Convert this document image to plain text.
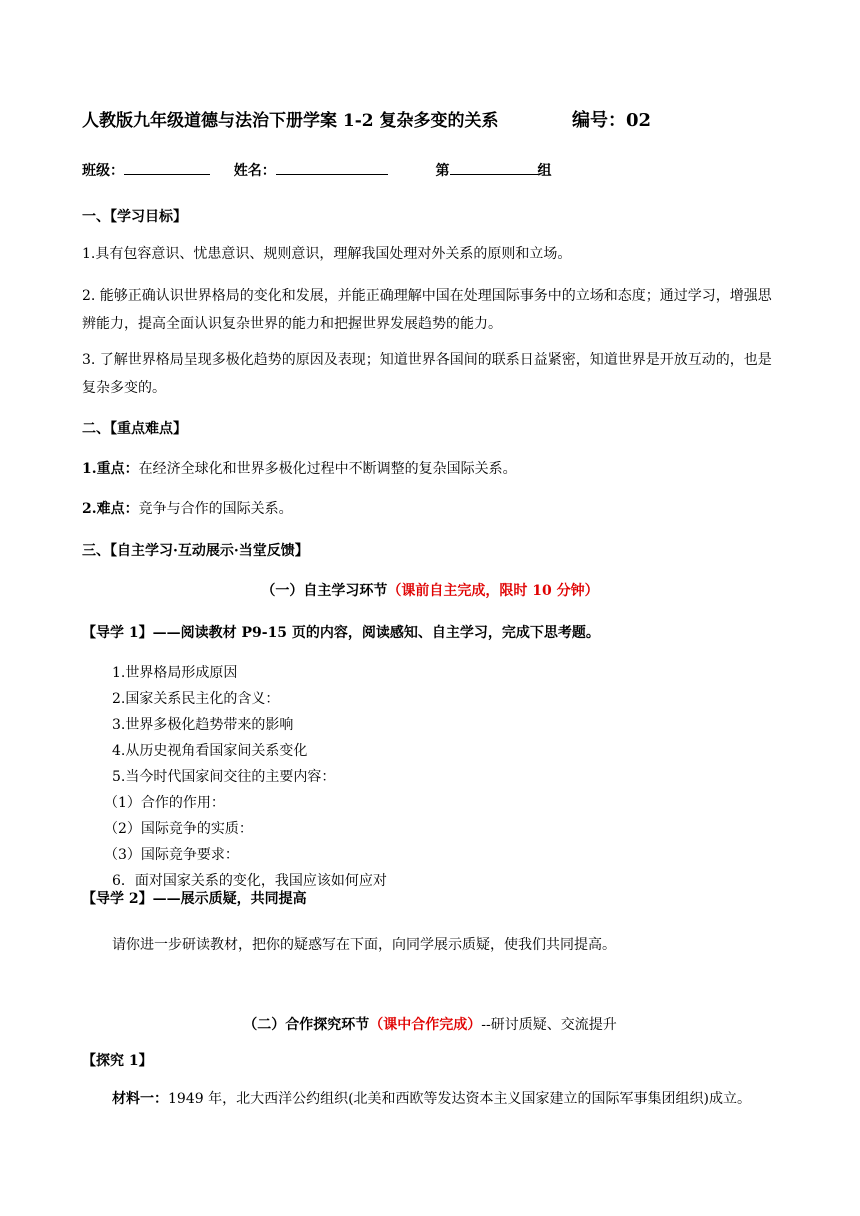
人教版九年级道德与法治下册学案 1-2 复杂多变的关系	编号：02
班级：	姓名：	第	组
一、【学习目标】
1.具有包容意识、忧患意识、规则意识，理解我国处理对外关系的原则和立场。
2. 能够正确认识世界格局的变化和发展，并能正确理解中国在处理国际事务中的立场和态度；通过学习，增强思辨能力，提高全面认识复杂世界的能力和把握世界发展趋势的能力。
3. 了解世界格局呈现多极化趋势的原因及表现；知道世界各国间的联系日益紧密，知道世界是开放互动的，也是复杂多变的。
二、【重点难点】
1.重点：在经济全球化和世界多极化过程中不断调整的复杂国际关系。
2.难点：竞争与合作的国际关系。
三、【自主学习·互动展示·当堂反馈】
（一）自主学习环节（课前自主完成，限时 10 分钟）
【导学 1】——阅读教材 P9-15 页的内容，阅读感知、自主学习，完成下思考题。
1.世界格局形成原因
2.国家关系民主化的含义：
3.世界多极化趋势带来的影响
4.从历史视角看国家间关系变化
5.当今时代国家间交往的主要内容：
（1）合作的作用：
（2）国际竞争的实质：
（3）国际竞争要求：
6．面对国家关系的变化，我国应该如何应对
【导学 2】——展示质疑，共同提高
请你进一步研读教材，把你的疑惑写在下面，向同学展示质疑，使我们共同提高。
（二）合作探究环节（课中合作完成）--研讨质疑、交流提升
【探究 1】
材料一：1949 年，北大西洋公约组织(北美和西欧等发达资本主义国家建立的国际军事集团组织)成立。
